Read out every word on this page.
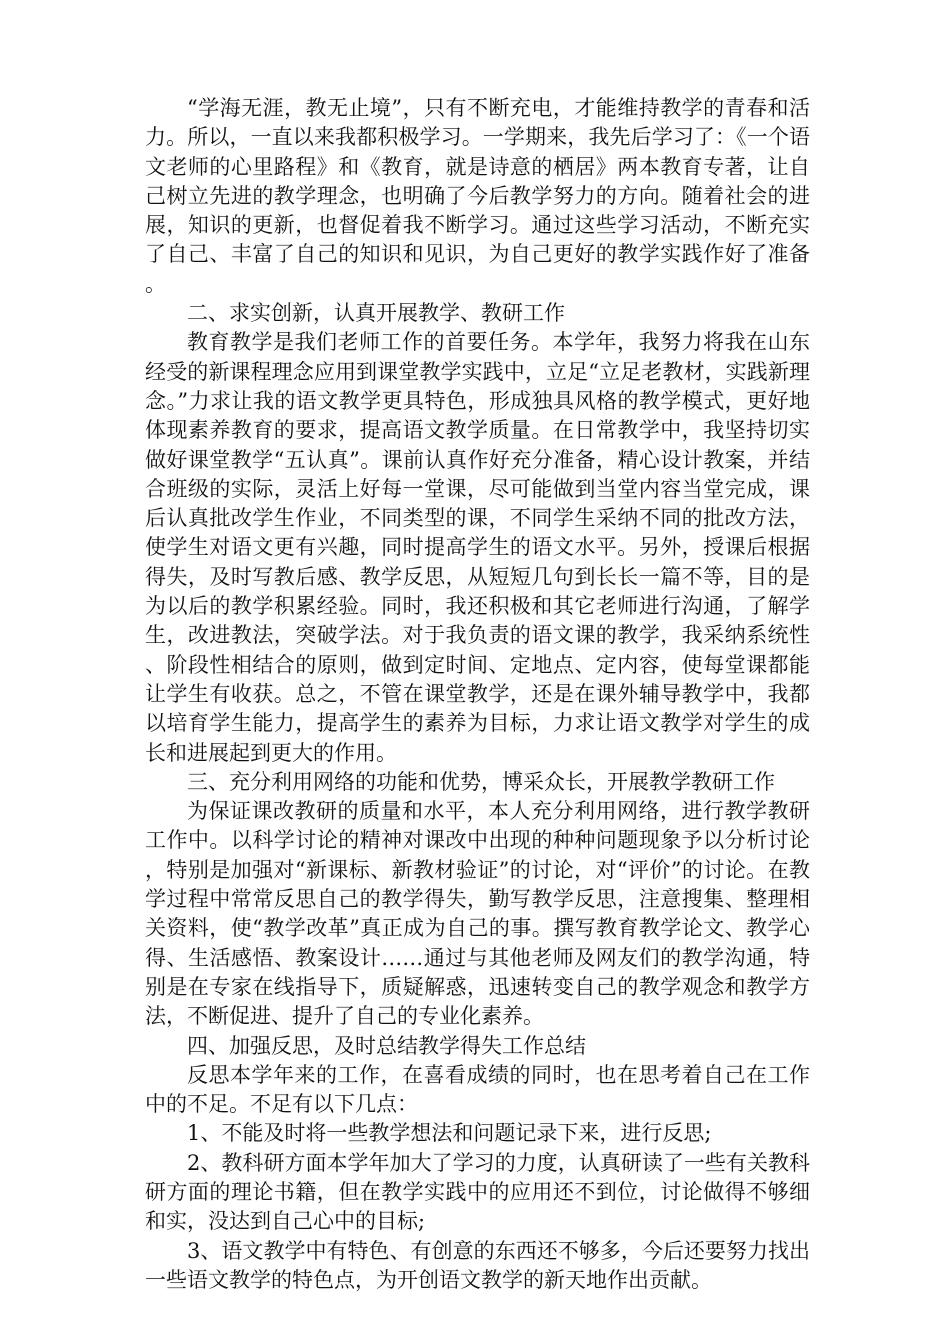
“学海无涯，教无止境”，只有不断充电，才能维持教学的青春和活力。所以，一直以来我都积极学习。一学期来，我先后学习了：《一个语文老师的心里路程》和《教育，就是诗意的栖居》两本教育专著，让自己树立先进的教学理念，也明确了今后教学努力的方向。随着社会的进展，知识的更新，也督促着我不断学习。通过这些学习活动，不断充实了自己、丰富了自己的知识和见识，为自己更好的教学实践作好了准备。

二、求实创新，认真开展教学、教研工作

教育教学是我们老师工作的首要任务。本学年，我努力将我在山东经受的新课程理念应用到课堂教学实践中，立足“立足老教材，实践新理念。”力求让我的语文教学更具特色，形成独具风格的教学模式，更好地体现素养教育的要求，提高语文教学质量。在日常教学中，我坚持切实做好课堂教学“五认真”。课前认真作好充分准备，精心设计教案，并结合班级的实际，灵活上好每一堂课，尽可能做到当堂内容当堂完成，课后认真批改学生作业，不同类型的课，不同学生采纳不同的批改方法，使学生对语文更有兴趣，同时提高学生的语文水平。另外，授课后根据得失，及时写教后感、教学反思，从短短几句到长长一篇不等，目的是为以后的教学积累经验。同时，我还积极和其它老师进行沟通，了解学生，改进教法，突破学法。对于我负责的语文课的教学，我采纳系统性、阶段性相结合的原则，做到定时间、定地点、定内容，使每堂课都能让学生有收获。总之，不管在课堂教学，还是在课外辅导教学中，我都以培育学生能力，提高学生的素养为目标，力求让语文教学对学生的成长和进展起到更大的作用。

三、充分利用网络的功能和优势，博采众长，开展教学教研工作

为保证课改教研的质量和水平，本人充分利用网络，进行教学教研工作中。以科学讨论的精神对课改中出现的种种问题现象予以分析讨论，特别是加强对“新课标、新教材验证”的讨论，对“评价”的讨论。在教学过程中常常反思自己的教学得失，勤写教学反思，注意搜集、整理相关资料，使“教学改革”真正成为自己的事。撰写教育教学论文、教学心得、生活感悟、教案设计……通过与其他老师及网友们的教学沟通，特别是在专家在线指导下，质疑解惑，迅速转变自己的教学观念和教学方法，不断促进、提升了自己的专业化素养。

四、加强反思，及时总结教学得失工作总结

反思本学年来的工作，在喜看成绩的同时，也在思考着自己在工作中的不足。不足有以下几点：

1、不能及时将一些教学想法和问题记录下来，进行反思;

2、教科研方面本学年加大了学习的力度，认真研读了一些有关教科研方面的理论书籍，但在教学实践中的应用还不到位，讨论做得不够细和实，没达到自己心中的目标;

3、语文教学中有特色、有创意的东西还不够多，今后还要努力找出一些语文教学的特色点，为开创语文教学的新天地作出贡献。
